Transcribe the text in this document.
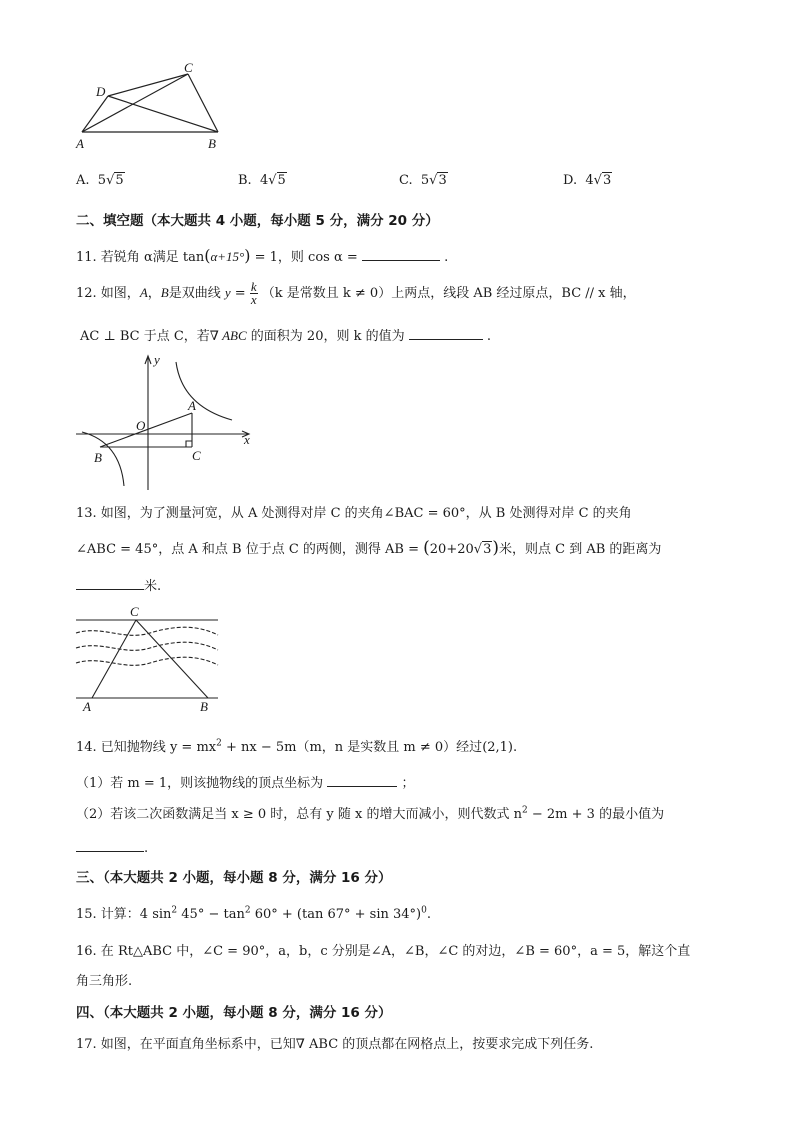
C
D
A	B
A. 5√5	B. 4√5	C. 5√3	D. 4√3
二、填空题（本大题共 4 小题，每小题 5 分，满分 20 分）
11. 若锐角 α满足 tan(α+15°) = 1，则 cos α =	.
12. 如图，A，B是双曲线 $y = \frac{k}{x} (k$ 是常数且 k ≠ 0）上两点，线段 AB 经过原点，BC // x 轴，
AC ⊥ BC 于点 C，若∇ ABC 的面积为 20，则 k 的值为	.
y
A
O
x
B	C
13. 如图，为了测量河宽，从 A 处测得对岸 C 的夹角∠BAC = 60°，从 B 处测得对岸 C 的夹角
∠ABC = 45°，点 A 和点 B 位于点 C 的两侧，测得 AB = (20+20√3)米，则点 C 到 AB 的距离为
米.
C
A	B
14. 已知抛物线 $y = mx^2$ + nx − 5m（m，n 是实数且 m ≠ 0）经过(2,1).
（1）若 m = 1，则该抛物线的顶点坐标为	；
（2）若该二次函数满足当 x ≥ 0 时，总有 y 随 x 的增大而减小，则代数式 $n^2 - 2m + 3$ 的最小值为
.
三、（本大题共 2 小题，每小题 8 分，满分 16 分）
15. 计算：4 $\sin^2 45^\circ - \tan^2 60^\circ + (\tan$ 67° + sin 34°)$^0$.
16. 在 Rt△ABC 中，∠C = 90°，a，b，c 分别是∠A，∠B，∠C 的对边，∠B = 60°，a = 5，解这个直
角三角形.
四、（本大题共 2 小题，每小题 8 分，满分 16 分）
17. 如图，在平面直角坐标系中，已知∇ ABC 的顶点都在网格点上，按要求完成下列任务.
